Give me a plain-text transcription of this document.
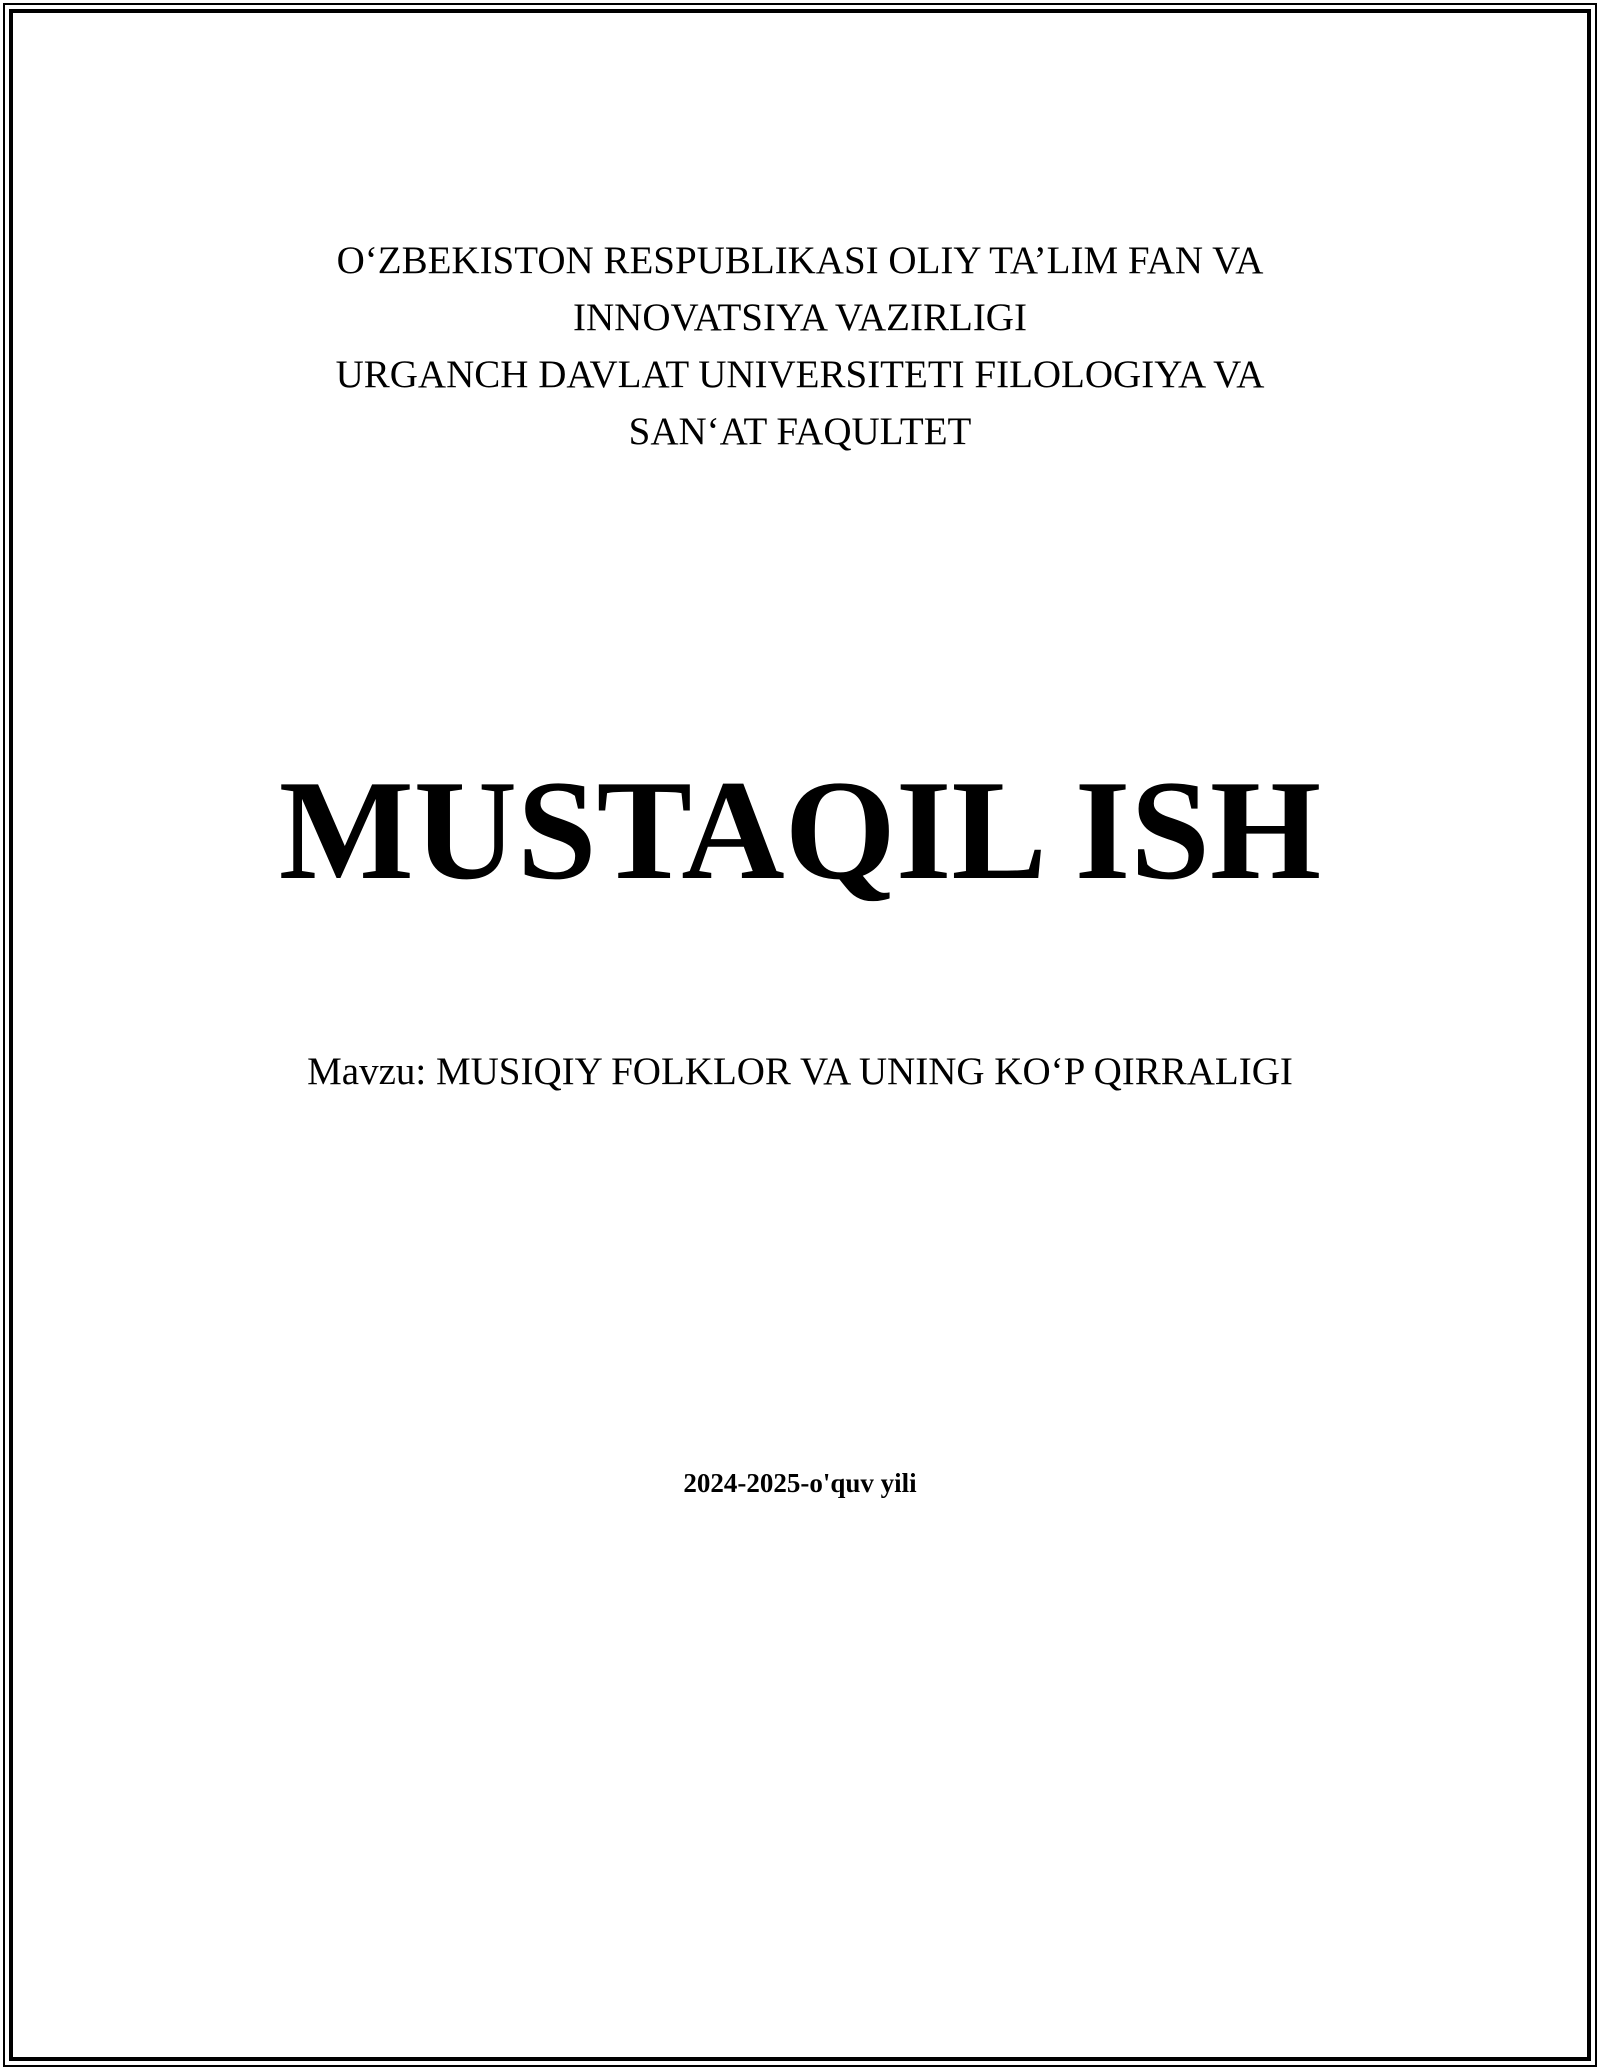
O‘ZBEKISTON RESPUBLIKASI OLIY TA’LIM FAN VA
INNOVATSIYA VAZIRLIGI
URGANCH DAVLAT UNIVERSITETI FILOLOGIYA VA
SAN‘AT FAQULTET
MUSTAQIL ISH
Mavzu: MUSIQIY FOLKLOR VA UNING KO‘P QIRRALIGI
2024-2025-o'quv yili
